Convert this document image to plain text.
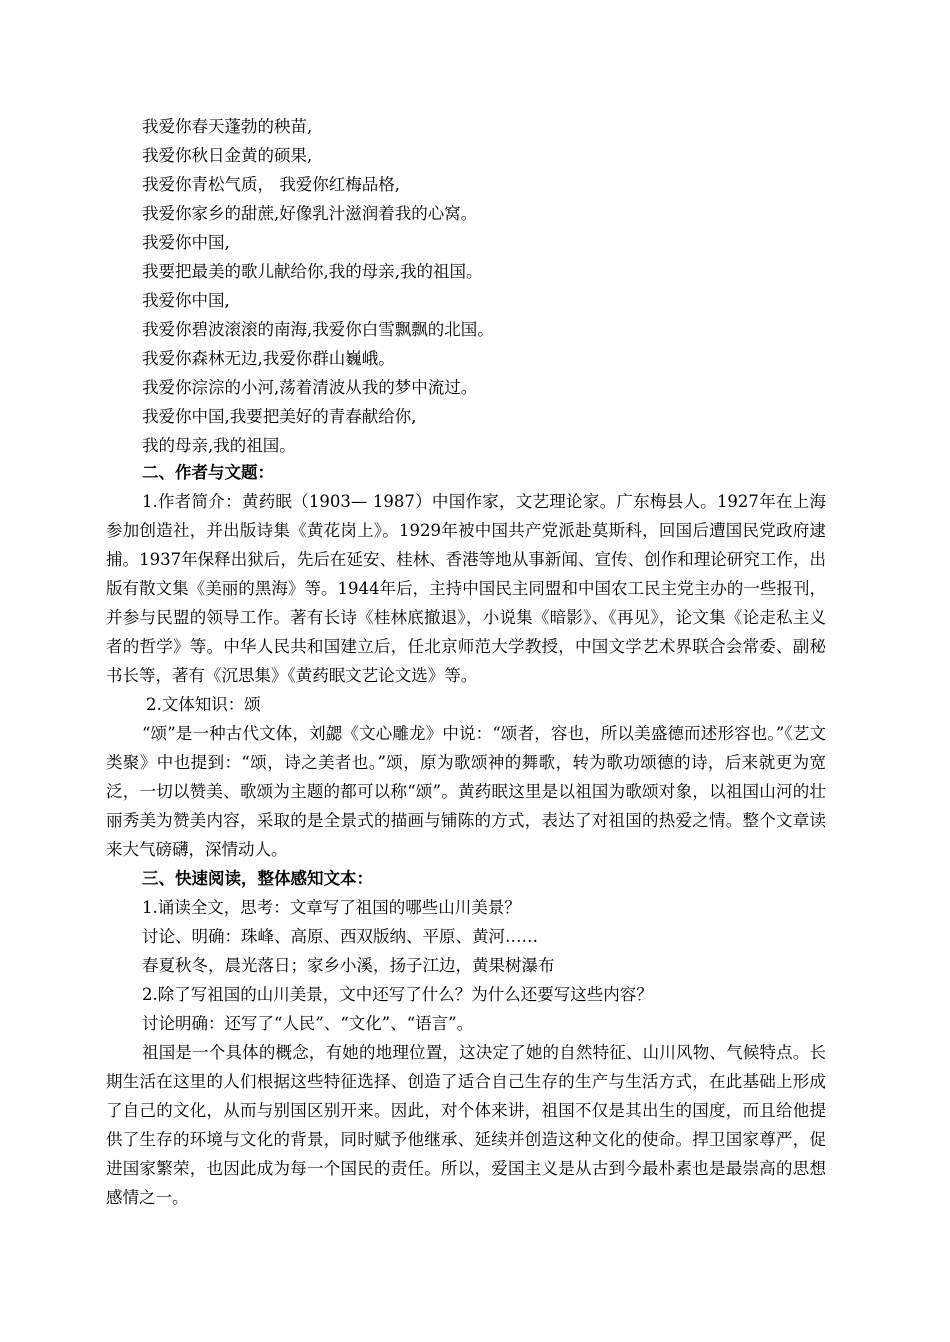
我爱你春天蓬勃的秧苗,
我爱你秋日金黄的硕果,
我爱你青松气质， 我爱你红梅品格,
我爱你家乡的甜蔗,好像乳汁滋润着我的心窝。
我爱你中国,
我要把最美的歌儿献给你,我的母亲,我的祖国。
我爱你中国,
我爱你碧波滚滚的南海,我爱你白雪飘飘的北国。
我爱你森林无边,我爱你群山巍峨。
我爱你淙淙的小河,荡着清波从我的梦中流过。
我爱你中国,我要把美好的青春献给你,
我的母亲,我的祖国。
二、作者与文题：

1.作者简介：黄药眠（1903— 1987）中国作家，文艺理论家。广东梅县人。1927年在上海参加创造社，并出版诗集《黄花岗上》。1929年被中国共产党派赴莫斯科，回国后遭国民党政府逮捕。1937年保释出狱后，先后在延安、桂林、香港等地从事新闻、宣传、创作和理论研究工作，出版有散文集《美丽的黑海》等。1944年后，主持中国民主同盟和中国农工民主党主办的一些报刊，并参与民盟的领导工作。著有长诗《桂林底撤退》，小说集《暗影》、《再见》，论文集《论走私主义者的哲学》等。中华人民共和国建立后，任北京师范大学教授，中国文学艺术界联合会常委、副秘书长等，著有《沉思集》《黄药眠文艺论文选》等。

2.文体知识：颂

“颂”是一种古代文体，刘勰《文心雕龙》中说：“颂者，容也，所以美盛德而述形容也。”《艺文类聚》中也提到：“颂，诗之美者也。”颂，原为歌颂神的舞歌，转为歌功颂德的诗，后来就更为宽泛，一切以赞美、歌颂为主题的都可以称“颂”。黄药眠这里是以祖国为歌颂对象，以祖国山河的壮丽秀美为赞美内容，采取的是全景式的描画与铺陈的方式，表达了对祖国的热爱之情。整个文章读来大气磅礴，深情动人。

三、快速阅读，整体感知文本：
1.诵读全文，思考：文章写了祖国的哪些山川美景？
讨论、明确：珠峰、高原、西双版纳、平原、黄河……
春夏秋冬，晨光落日；家乡小溪，扬子江边，黄果树瀑布
2.除了写祖国的山川美景，文中还写了什么？为什么还要写这些内容？
讨论明确：还写了“人民”、“文化”、“语言”。

祖国是一个具体的概念，有她的地理位置，这决定了她的自然特征、山川风物、气候特点。长期生活在这里的人们根据这些特征选择、创造了适合自己生存的生产与生活方式，在此基础上形成了自己的文化，从而与别国区别开来。因此，对个体来讲，祖国不仅是其出生的国度，而且给他提供了生存的环境与文化的背景，同时赋予他继承、延续并创造这种文化的使命。捍卫国家尊严，促进国家繁荣，也因此成为每一个国民的责任。所以，爱国主义是从古到今最朴素也是最崇高的思想感情之一。
